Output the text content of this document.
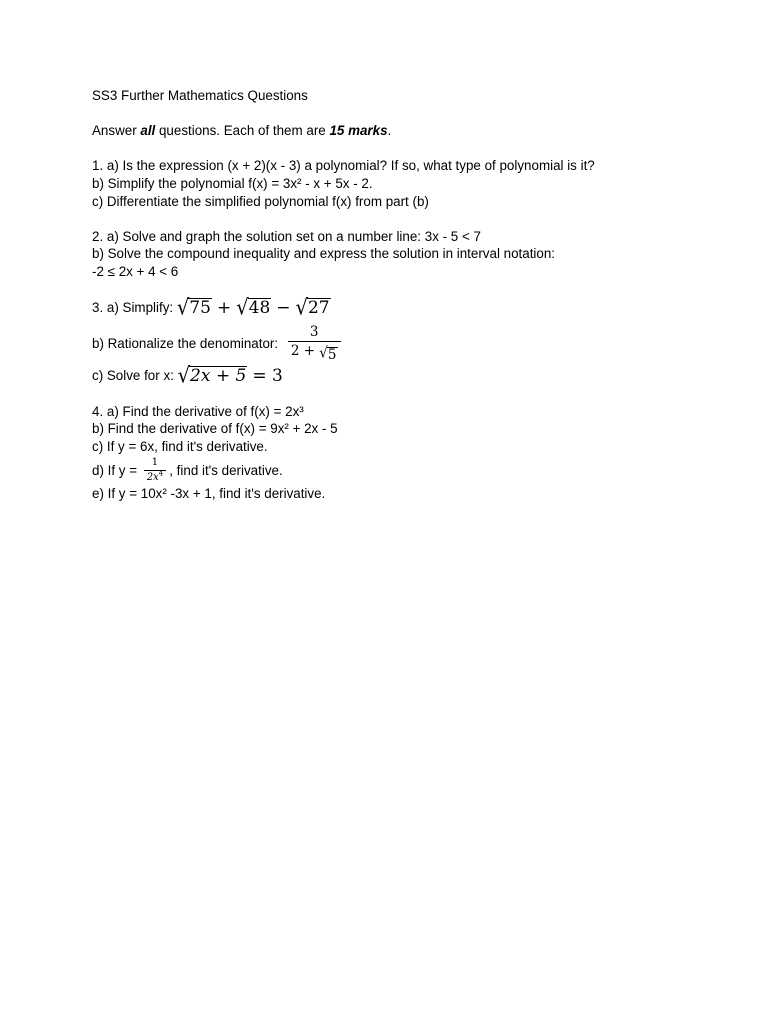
SS3 Further Mathematics Questions
Answer all questions. Each of them are 15 marks.
1. a) Is the expression (x + 2)(x - 3) a polynomial? If so, what type of polynomial is it?
b) Simplify the polynomial f(x) = 3x² - x + 5x - 2.
c) Differentiate the simplified polynomial f(x) from part (b)
2. a) Solve and graph the solution set on a number line: 3x - 5 < 7
b) Solve the compound inequality and express the solution in interval notation:
-2 ≤ 2x + 4 < 6
3. a) Simplify: √ 75 + √ 48 − √ 27
b) Rationalize the denominator: $\frac{3}{2 + √ 5}$
c) Solve for x: √ 2x + 5 = 3
4. a) Find the derivative of f(x) = 2x³
b) Find the derivative of f(x) = 9x² + 2x - 5
c) If y = 6x, find it's derivative.
d) If $y = \frac{1}{2x^4}$ , find it's derivative.
e) If y = 10x² -3x + 1, find it's derivative.
